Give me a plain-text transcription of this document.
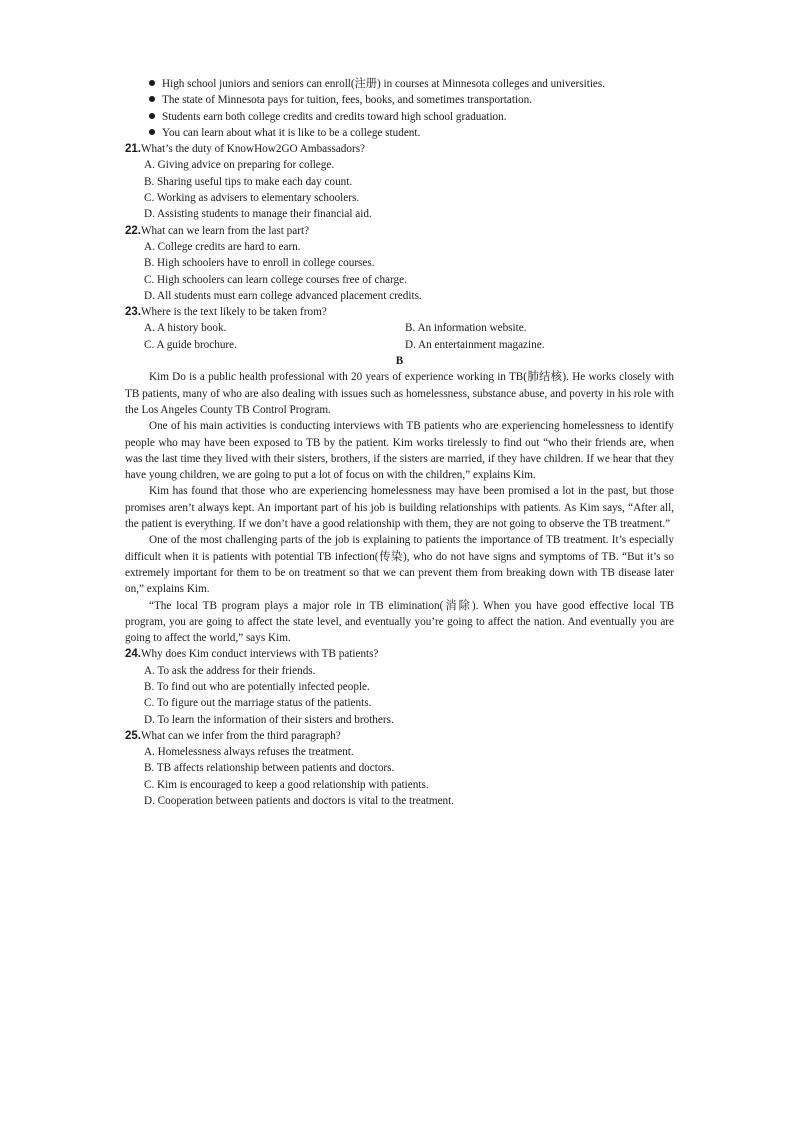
High school juniors and seniors can enroll(注册) in courses at Minnesota colleges and universities.
The state of Minnesota pays for tuition, fees, books, and sometimes transportation.
Students earn both college credits and credits toward high school graduation.
You can learn about what it is like to be a college student.
21.What’s the duty of KnowHow2GO Ambassadors?
A. Giving advice on preparing for college.
B. Sharing useful tips to make each day count.
C. Working as advisers to elementary schoolers.
D. Assisting students to manage their financial aid.
22.What can we learn from the last part?
A. College credits are hard to earn.
B. High schoolers have to enroll in college courses.
C. High schoolers can learn college courses free of charge.
D. All students must earn college advanced placement credits.
23.Where is the text likely to be taken from?
A. A history book.	B. An information website.
C. A guide brochure.	D. An entertainment magazine.
B
Kim Do is a public health professional with 20 years of experience working in TB(肺结核). He works closely with TB patients, many of who are also dealing with issues such as homelessness, substance abuse, and poverty in his role with the Los Angeles County TB Control Program.
One of his main activities is conducting interviews with TB patients who are experiencing homelessness to identify people who may have been exposed to TB by the patient. Kim works tirelessly to find out “who their friends are, when was the last time they lived with their sisters, brothers, if the sisters are married, if they have children. If we hear that they have young children, we are going to put a lot of focus on with the children,” explains Kim.
Kim has found that those who are experiencing homelessness may have been promised a lot in the past, but those promises aren’t always kept. An important part of his job is building relationships with patients. As Kim says, “After all, the patient is everything. If we don’t have a good relationship with them, they are not going to observe the TB treatment.”
One of the most challenging parts of the job is explaining to patients the importance of TB treatment. It’s especially difficult when it is patients with potential TB infection(传染), who do not have signs and symptoms of TB. “But it’s so extremely important for them to be on treatment so that we can prevent them from breaking down with TB disease later on,” explains Kim.
“The local TB program plays a major role in TB elimination(消除). When you have good effective local TB program, you are going to affect the state level, and eventually you’re going to affect the nation. And eventually you are going to affect the world,” says Kim.
24.Why does Kim conduct interviews with TB patients?
A. To ask the address for their friends.
B. To find out who are potentially infected people.
C. To figure out the marriage status of the patients.
D. To learn the information of their sisters and brothers.
25.What can we infer from the third paragraph?
A. Homelessness always refuses the treatment.
B. TB affects relationship between patients and doctors.
C. Kim is encouraged to keep a good relationship with patients.
D. Cooperation between patients and doctors is vital to the treatment.
